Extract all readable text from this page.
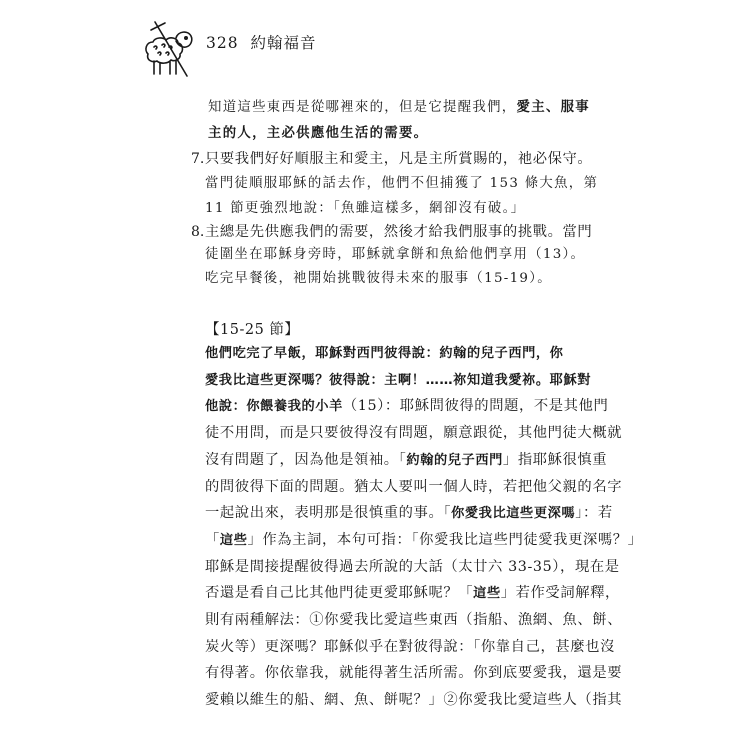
328 約翰福音
知道這些東西是從哪裡來的，但是它提醒我們，愛主、服事
主的人，主必供應他生活的需要。
7. 只要我們好好順服主和愛主，凡是主所賞賜的，祂必保守。
當門徒順服耶穌的話去作，他們不但捕獲了 153 條大魚，第
11 節更強烈地說：「魚雖這樣多，網卻沒有破。」
8. 主總是先供應我們的需要，然後才給我們服事的挑戰。當門
徒圍坐在耶穌身旁時，耶穌就拿餅和魚給他們享用（13）。
吃完早餐後，祂開始挑戰彼得未來的服事（15-19）。
【15-25 節】
他們吃完了早飯，耶穌對西門彼得說：約翰的兒子西門，你
愛我比這些更深嗎？彼得說：主啊！……祢知道我愛祢。耶穌對
他說：你餵養我的小羊（15）：耶穌問彼得的問題，不是其他門
徒不用問，而是只要彼得沒有問題，願意跟從，其他門徒大概就
沒有問題了，因為他是領袖。「約翰的兒子西門」指耶穌很慎重
的問彼得下面的問題。猶太人要叫一個人時，若把他父親的名字
一起說出來，表明那是很慎重的事。「你愛我比這些更深嗎」：若
「這些」作為主詞，本句可指：「你愛我比這些門徒愛我更深嗎？」
耶穌是間接提醒彼得過去所說的大話（太廿六 33-35），現在是
否還是看自己比其他門徒更愛耶穌呢？「這些」若作受詞解釋，
則有兩種解法：①你愛我比愛這些東西（指船、漁網、魚、餅、
炭火等）更深嗎？耶穌似乎在對彼得說：「你靠自己，甚麼也沒
有得著。你依靠我，就能得著生活所需。你到底要愛我，還是要
愛賴以維生的船、網、魚、餅呢？」②你愛我比愛這些人（指其
